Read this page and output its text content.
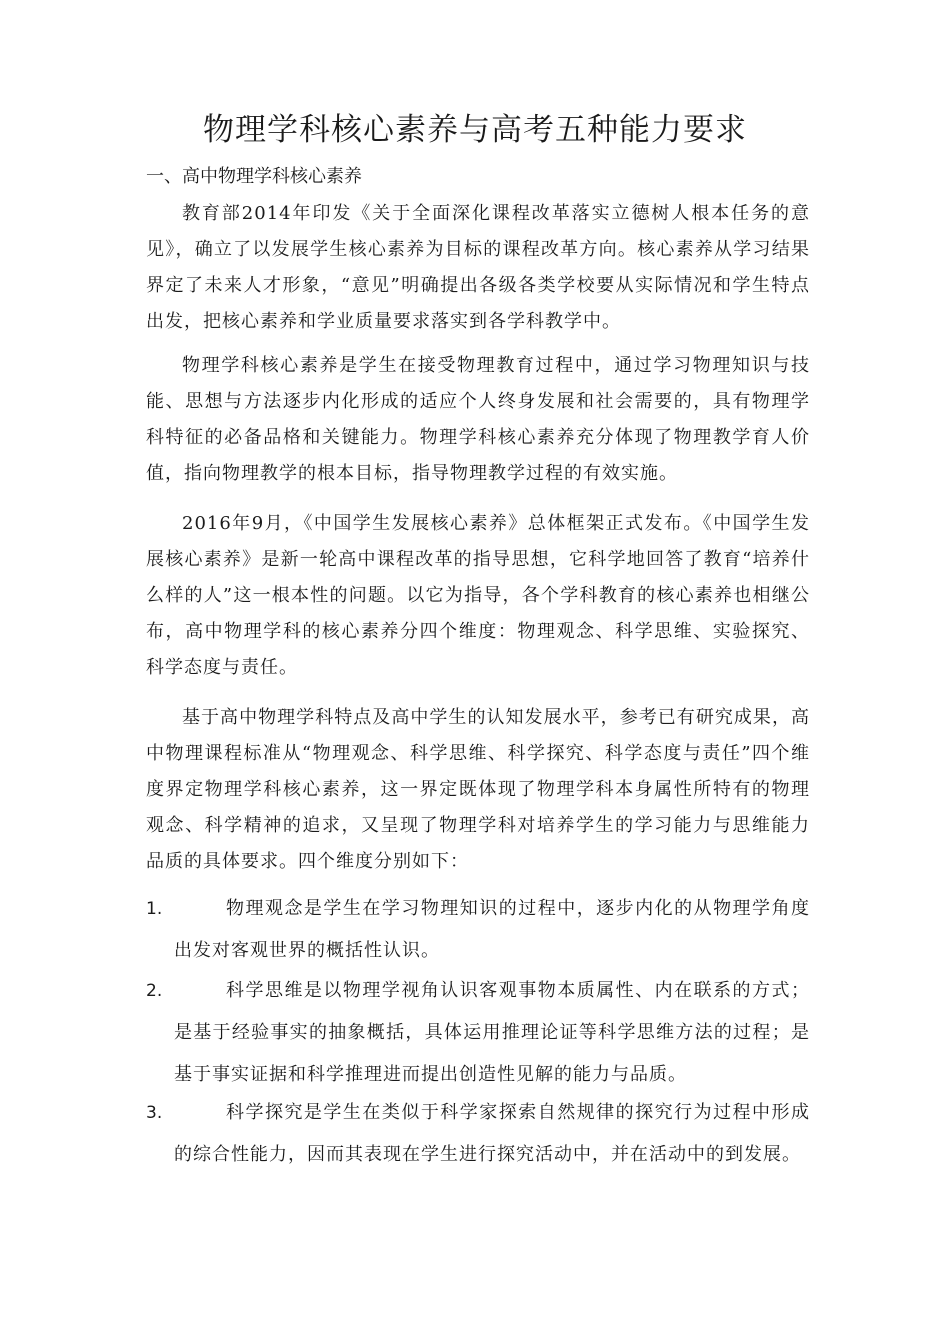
物理学科核心素养与高考五种能力要求
一、高中物理学科核心素养

教育部2014年印发《关于全面深化课程改革落实立德树人根本任务的意见》，确立了以发展学生核心素养为目标的课程改革方向。核心素养从学习结果界定了未来人才形象，“意见”明确提出各级各类学校要从实际情况和学生特点出发，把核心素养和学业质量要求落实到各学科教学中。

物理学科核心素养是学生在接受物理教育过程中，通过学习物理知识与技能、思想与方法逐步内化形成的适应个人终身发展和社会需要的，具有物理学科特征的必备品格和关键能力。物理学科核心素养充分体现了物理教学育人价值，指向物理教学的根本目标，指导物理教学过程的有效实施。

2016年9月，《中国学生发展核心素养》总体框架正式发布。《中国学生发展核心素养》是新一轮高中课程改革的指导思想，它科学地回答了教育“培养什么样的人”这一根本性的问题。以它为指导，各个学科教育的核心素养也相继公布，高中物理学科的核心素养分四个维度：物理观念、科学思维、实验探究、科学态度与责任。

基于高中物理学科特点及高中学生的认知发展水平，参考已有研究成果，高中物理课程标准从“物理观念、科学思维、科学探究、科学态度与责任”四个维度界定物理学科核心素养，这一界定既体现了物理学科本身属性所特有的物理观念、科学精神的追求，又呈现了物理学科对培养学生的学习能力与思维能力品质的具体要求。四个维度分别如下：

1.	物理观念是学生在学习物理知识的过程中，逐步内化的从物理学角度出发对客观世界的概括性认识。
2.	科学思维是以物理学视角认识客观事物本质属性、内在联系的方式；是基于经验事实的抽象概括，具体运用推理论证等科学思维方法的过程；是基于事实证据和科学推理进而提出创造性见解的能力与品质。
3.	科学探究是学生在类似于科学家探索自然规律的探究行为过程中形成的综合性能力，因而其表现在学生进行探究活动中，并在活动中的到发展。
